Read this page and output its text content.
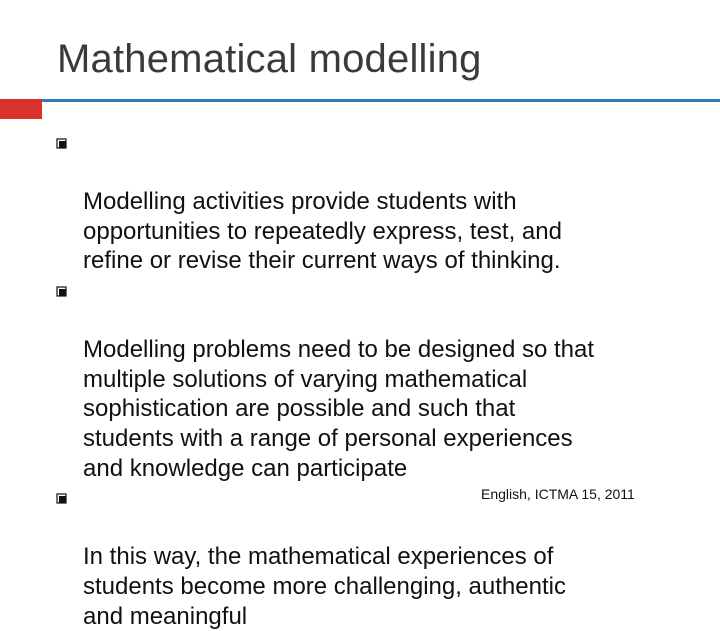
Mathematical modelling

Modelling activities provide students with
opportunities to repeatedly express, test, and
refine or revise their current ways of thinking.

Modelling problems need to be designed so that
multiple solutions of varying mathematical
sophistication are possible and such that
students with a range of personal experiences
and knowledge can participate

In this way, the mathematical experiences of
students become more challenging, authentic
and meaningful

English, ICTMA 15, 2011
